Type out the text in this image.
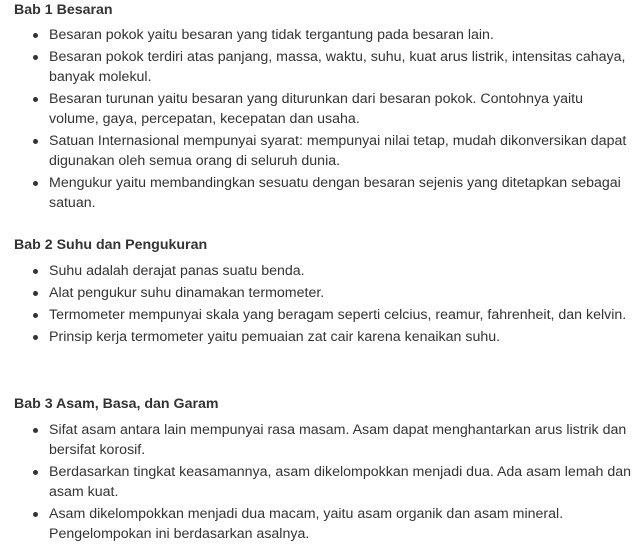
Bab 1 Besaran
Besaran pokok yaitu besaran yang tidak tergantung pada besaran lain.
Besaran pokok terdiri atas panjang, massa, waktu, suhu, kuat arus listrik, intensitas cahaya, banyak molekul.
Besaran turunan yaitu besaran yang diturunkan dari besaran pokok. Contohnya yaitu volume, gaya, percepatan, kecepatan dan usaha.
Satuan Internasional mempunyai syarat: mempunyai nilai tetap, mudah dikonversikan dapat digunakan oleh semua orang di seluruh dunia.
Mengukur yaitu membandingkan sesuatu dengan besaran sejenis yang ditetapkan sebagai satuan.
Bab 2 Suhu dan Pengukuran
Suhu adalah derajat panas suatu benda.
Alat pengukur suhu dinamakan termometer.
Termometer mempunyai skala yang beragam seperti celcius, reamur, fahrenheit, dan kelvin.
Prinsip kerja termometer yaitu pemuaian zat cair karena kenaikan suhu.
Bab 3 Asam, Basa, dan Garam
Sifat asam antara lain mempunyai rasa masam. Asam dapat menghantarkan arus listrik dan bersifat korosif.
Berdasarkan tingkat keasamannya, asam dikelompokkan menjadi dua. Ada asam lemah dan asam kuat.
Asam dikelompokkan menjadi dua macam, yaitu asam organik dan asam mineral. Pengelompokan ini berdasarkan asalnya.
